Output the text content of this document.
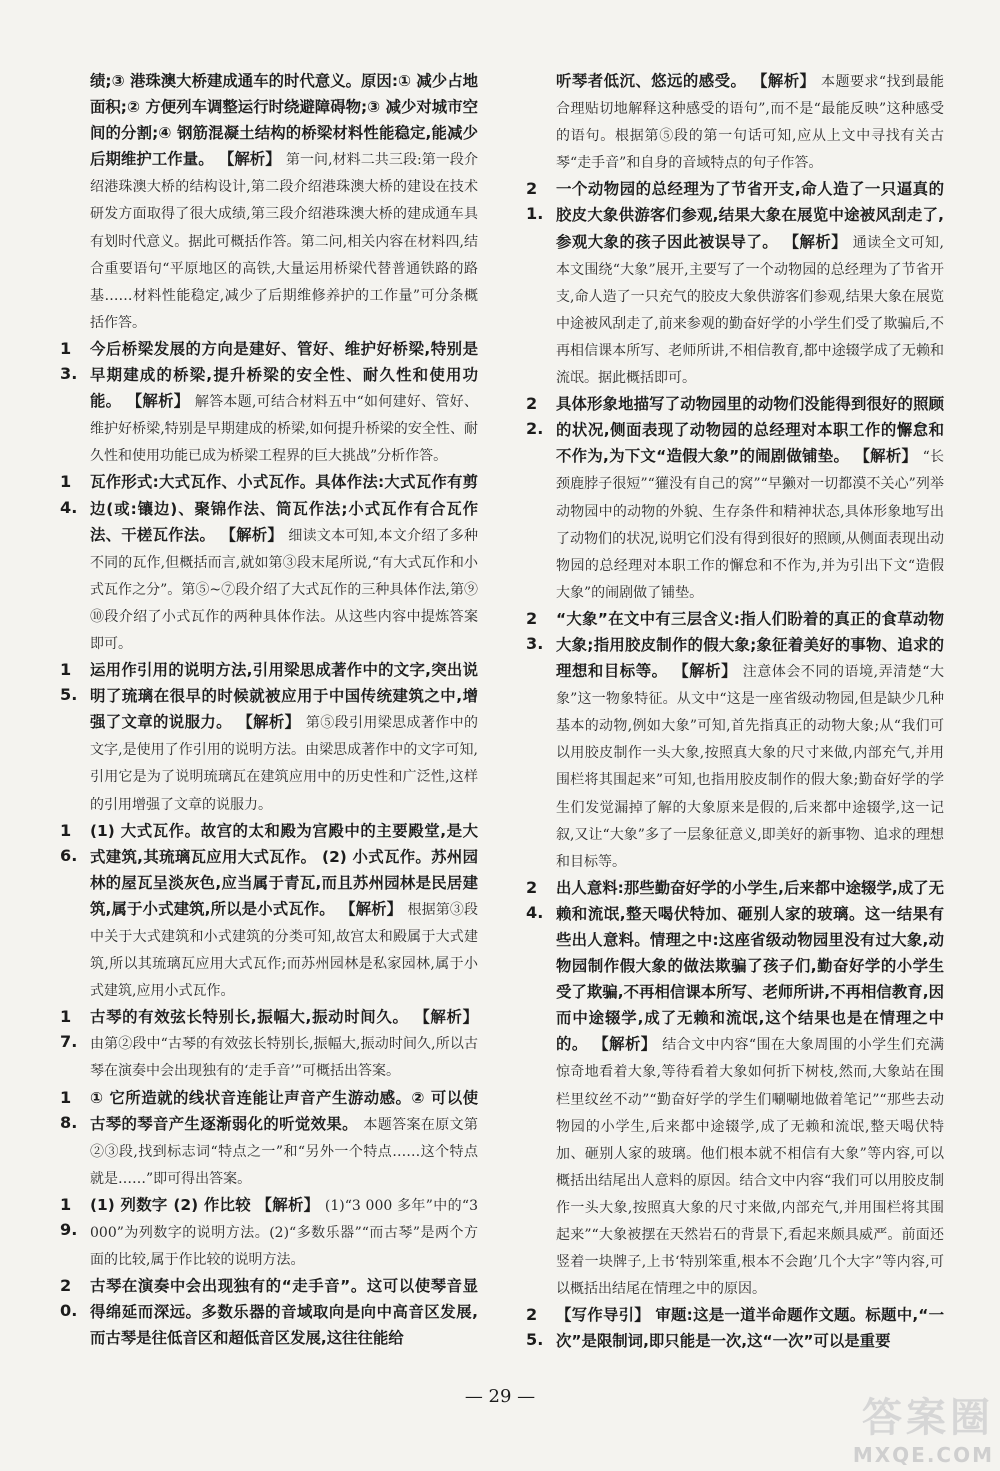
绩;③ 港珠澳大桥建成通车的时代意义。原因:① 减少占地面积;② 方便列车调整运行时绕避障碍物;③ 减少对城市空间的分割;④ 钢筋混凝土结构的桥梁材料性能稳定,能减少后期维护工作量。 【解析】 第一问,材料二共三段:第一段介绍港珠澳大桥的结构设计,第二段介绍港珠澳大桥的建设在技术研发方面取得了很大成绩,第三段介绍港珠澳大桥的建成通车具有划时代意义。据此可概括作答。第二问,相关内容在材料四,结合重要语句“平原地区的高铁,大量运用桥梁代替普通铁路的路基……材料性能稳定,减少了后期维修养护的工作量”可分条概括作答。

13.
今后桥梁发展的方向是建好、管好、维护好桥梁,特别是早期建成的桥梁,提升桥梁的安全性、耐久性和使用功能。 【解析】 解答本题,可结合材料五中“如何建好、管好、维护好桥梁,特别是早期建成的桥梁,如何提升桥梁的安全性、耐久性和使用功能已成为桥梁工程界的巨大挑战”分析作答。

14.
瓦作形式:大式瓦作、小式瓦作。具体作法:大式瓦作有剪边(或:镶边)、聚锦作法、筒瓦作法;小式瓦作有合瓦作法、干槎瓦作法。 【解析】 细读文本可知,本文介绍了多种不同的瓦作,但概括而言,就如第③段末尾所说,“有大式瓦作和小式瓦作之分”。第⑤~⑦段介绍了大式瓦作的三种具体作法,第⑨⑩段介绍了小式瓦作的两种具体作法。从这些内容中提炼答案即可。

15.
运用作引用的说明方法,引用梁思成著作中的文字,突出说明了琉璃在很早的时候就被应用于中国传统建筑之中,增强了文章的说服力。 【解析】 第⑤段引用梁思成著作中的文字,是使用了作引用的说明方法。由梁思成著作中的文字可知,引用它是为了说明琉璃瓦在建筑应用中的历史性和广泛性,这样的引用增强了文章的说服力。

16.
(1) 大式瓦作。故宫的太和殿为宫殿中的主要殿堂,是大式建筑,其琉璃瓦应用大式瓦作。 (2) 小式瓦作。苏州园林的屋瓦呈淡灰色,应当属于青瓦,而且苏州园林是民居建筑,属于小式建筑,所以是小式瓦作。 【解析】 根据第③段中关于大式建筑和小式建筑的分类可知,故宫太和殿属于大式建筑,所以其琉璃瓦应用大式瓦作;而苏州园林是私家园林,属于小式建筑,应用小式瓦作。

17.
古琴的有效弦长特别长,振幅大,振动时间久。 【解析】 由第②段中“古琴的有效弦长特别长,振幅大,振动时间久,所以古琴在演奏中会出现独有的‘走手音’”可概括出答案。

18.
① 它所造就的线状音连能让声音产生游动感。② 可以使古琴的琴音产生逐渐弱化的听觉效果。 本题答案在原文第②③段,找到标志词“特点之一”和“另外一个特点……这个特点就是……”即可得出答案。

19.
(1) 列数字 (2) 作比较 【解析】 (1)“3 000 多年”中的“3 000”为列数字的说明方法。(2)“多数乐器”“而古琴”是两个方面的比较,属于作比较的说明方法。

20.
古琴在演奏中会出现独有的“走手音”。这可以使琴音显得绵延而深远。多数乐器的音域取向是向中高音区发展,而古琴是往低音区和超低音区发展,这往往能给

听琴者低沉、悠远的感受。 【解析】 本题要求“找到最能合理贴切地解释这种感受的语句”,而不是“最能反映”这种感受的语句。根据第⑤段的第一句话可知,应从上文中寻找有关古琴“走手音”和自身的音域特点的句子作答。

21.
一个动物园的总经理为了节省开支,命人造了一只逼真的胶皮大象供游客们参观,结果大象在展览中途被风刮走了,参观大象的孩子因此被误导了。 【解析】 通读全文可知,本文围绕“大象”展开,主要写了一个动物园的总经理为了节省开支,命人造了一只充气的胶皮大象供游客们参观,结果大象在展览中途被风刮走了,前来参观的勤奋好学的小学生们受了欺骗后,不再相信课本所写、老师所讲,不相信教育,都中途辍学成了无赖和流氓。据此概括即可。

22.
具体形象地描写了动物园里的动物们没能得到很好的照顾的状况,侧面表现了动物园的总经理对本职工作的懈怠和不作为,为下文“造假大象”的闹剧做铺垫。 【解析】 “长颈鹿脖子很短”“獾没有自己的窝”“早獭对一切都漠不关心”列举动物园中的动物的外貌、生存条件和精神状态,具体形象地写出了动物们的状况,说明它们没有得到很好的照顾,从侧面表现出动物园的总经理对本职工作的懈怠和不作为,并为引出下文“造假大象”的闹剧做了铺垫。

23.
“大象”在文中有三层含义:指人们盼着的真正的食草动物大象;指用胶皮制作的假大象;象征着美好的事物、追求的理想和目标等。 【解析】 注意体会不同的语境,弄清楚“大象”这一物象特征。从文中“这是一座省级动物园,但是缺少几种基本的动物,例如大象”可知,首先指真正的动物大象;从“我们可以用胶皮制作一头大象,按照真大象的尺寸来做,内部充气,并用围栏将其围起来”可知,也指用胶皮制作的假大象;勤奋好学的学生们发觉漏掉了解的大象原来是假的,后来都中途辍学,这一记叙,又让“大象”多了一层象征意义,即美好的新事物、追求的理想和目标等。

24.
出人意料:那些勤奋好学的小学生,后来都中途辍学,成了无赖和流氓,整天喝伏特加、砸别人家的玻璃。这一结果有些出人意料。情理之中:这座省级动物园里没有过大象,动物园制作假大象的做法欺骗了孩子们,勤奋好学的小学生受了欺骗,不再相信课本所写、老师所讲,不再相信教育,因而中途辍学,成了无赖和流氓,这个结果也是在情理之中的。 【解析】 结合文中内容“围在大象周围的小学生们充满惊奇地看着大象,等待看着大象如何折下树枝,然而,大象站在围栏里纹丝不动”“勤奋好学的学生们唰唰地做着笔记”“那些去动物园的小学生,后来都中途辍学,成了无赖和流氓,整天喝伏特加、砸别人家的玻璃。他们根本就不相信有大象”等内容,可以概括出结尾出人意料的原因。结合文中内容“我们可以用胶皮制作一头大象,按照真大象的尺寸来做,内部充气,并用围栏将其围起来”“大象被摆在天然岩石的背景下,看起来颇具威严。前面还竖着一块牌子,上书‘特别笨重,根本不会跑’几个大字”等内容,可以概括出结尾在情理之中的原因。

25.
【写作导引】 审题:这是一道半命题作文题。标题中,“一次”是限制词,即只能是一次,这“一次”可以是重要

— 29 —	答案圈
MXQE.COM
